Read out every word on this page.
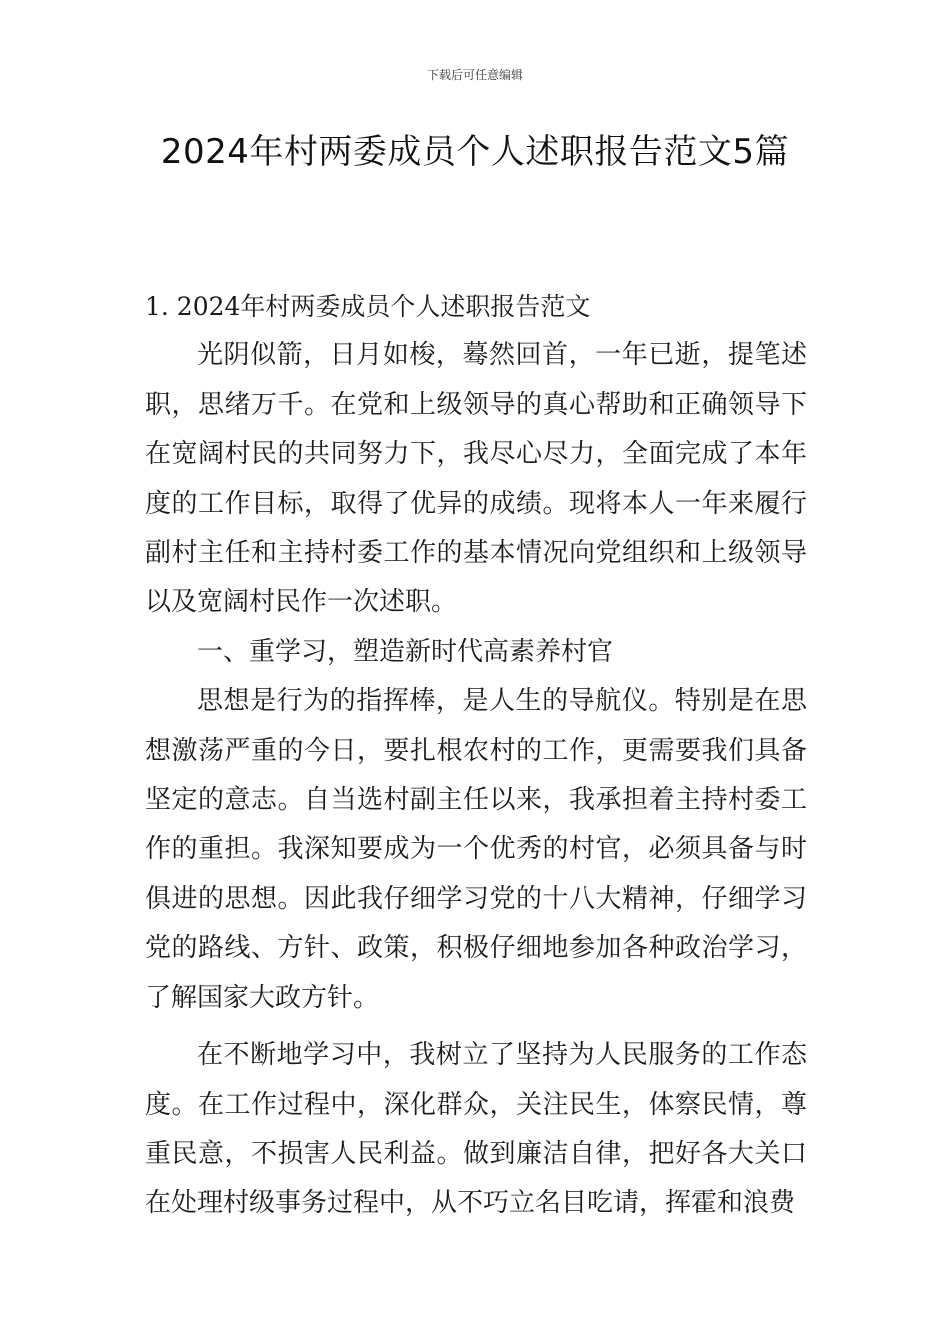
下载后可任意编辑
2024年村两委成员个人述职报告范文5篇
1. 2024年村两委成员个人述职报告范文

光阴似箭，日月如梭，蓦然回首，一年已逝，提笔述职，思绪万千。在党和上级领导的真心帮助和正确领导下在宽阔村民的共同努力下，我尽心尽力，全面完成了本年度的工作目标，取得了优异的成绩。现将本人一年来履行副村主任和主持村委工作的基本情况向党组织和上级领导以及宽阔村民作一次述职。

一、重学习，塑造新时代高素养村官

思想是行为的指挥棒，是人生的导航仪。特别是在思想激荡严重的今日，要扎根农村的工作，更需要我们具备坚定的意志。自当选村副主任以来，我承担着主持村委工作的重担。我深知要成为一个优秀的村官，必须具备与时俱进的思想。因此我仔细学习党的十八大精神，仔细学习党的路线、方针、政策，积极仔细地参加各种政治学习，了解国家大政方针。

在不断地学习中，我树立了坚持为人民服务的工作态度。在工作过程中，深化群众，关注民生，体察民情，尊重民意，不损害人民利益。做到廉洁自律，把好各大关口在处理村级事务过程中，从不巧立名目吃请，挥霍和浪费
